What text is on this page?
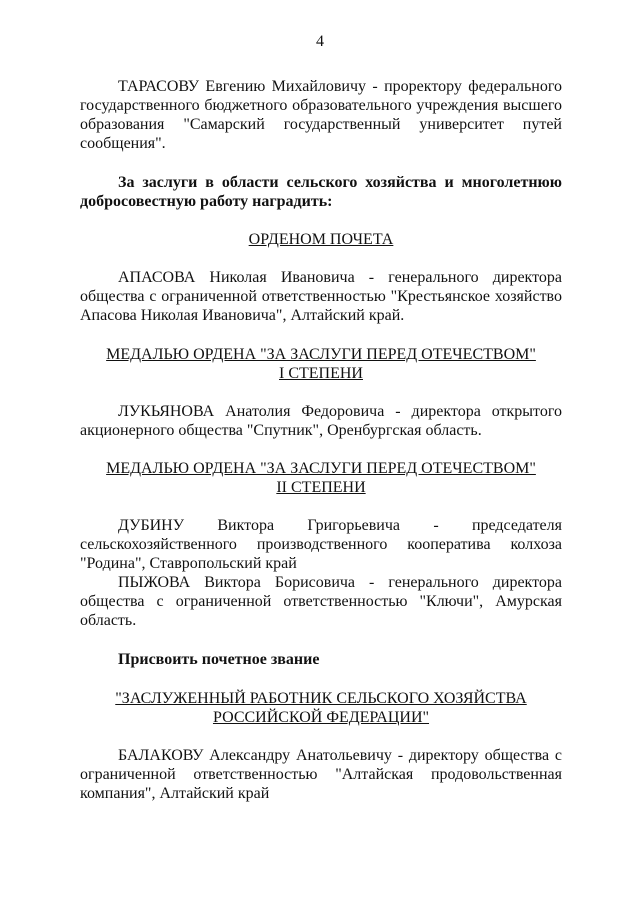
4

ТАРАСОВУ Евгению Михайловичу - проректору федерального государственного бюджетного образовательного учреждения высшего образования "Самарский государственный университет путей сообщения".

За заслуги в области сельского хозяйства и многолетнюю добросовестную работу наградить:

ОРДЕНОМ ПОЧЕТА

АПАСОВА Николая Ивановича - генерального директора общества с ограниченной ответственностью "Крестьянское хозяйство Апасова Николая Ивановича", Алтайский край.

МЕДАЛЬЮ ОРДЕНА "ЗА ЗАСЛУГИ ПЕРЕД ОТЕЧЕСТВОМ"

I СТЕПЕНИ

ЛУКЬЯНОВА Анатолия Федоровича - директора открытого акционерного общества "Спутник", Оренбургская область.

МЕДАЛЬЮ ОРДЕНА "ЗА ЗАСЛУГИ ПЕРЕД ОТЕЧЕСТВОМ"

II СТЕПЕНИ

ДУБИНУ Виктора Григорьевича - председателя сельскохозяйственного производственного кооператива колхоза "Родина", Ставропольский край

ПЫЖОВА Виктора Борисовича - генерального директора общества с ограниченной ответственностью "Ключи", Амурская область.

Присвоить почетное звание

"ЗАСЛУЖЕННЫЙ РАБОТНИК СЕЛЬСКОГО ХОЗЯЙСТВА

РОССИЙСКОЙ ФЕДЕРАЦИИ"

БАЛАКОВУ Александру Анатольевичу - директору общества с ограниченной ответственностью "Алтайская продовольственная компания", Алтайский край
